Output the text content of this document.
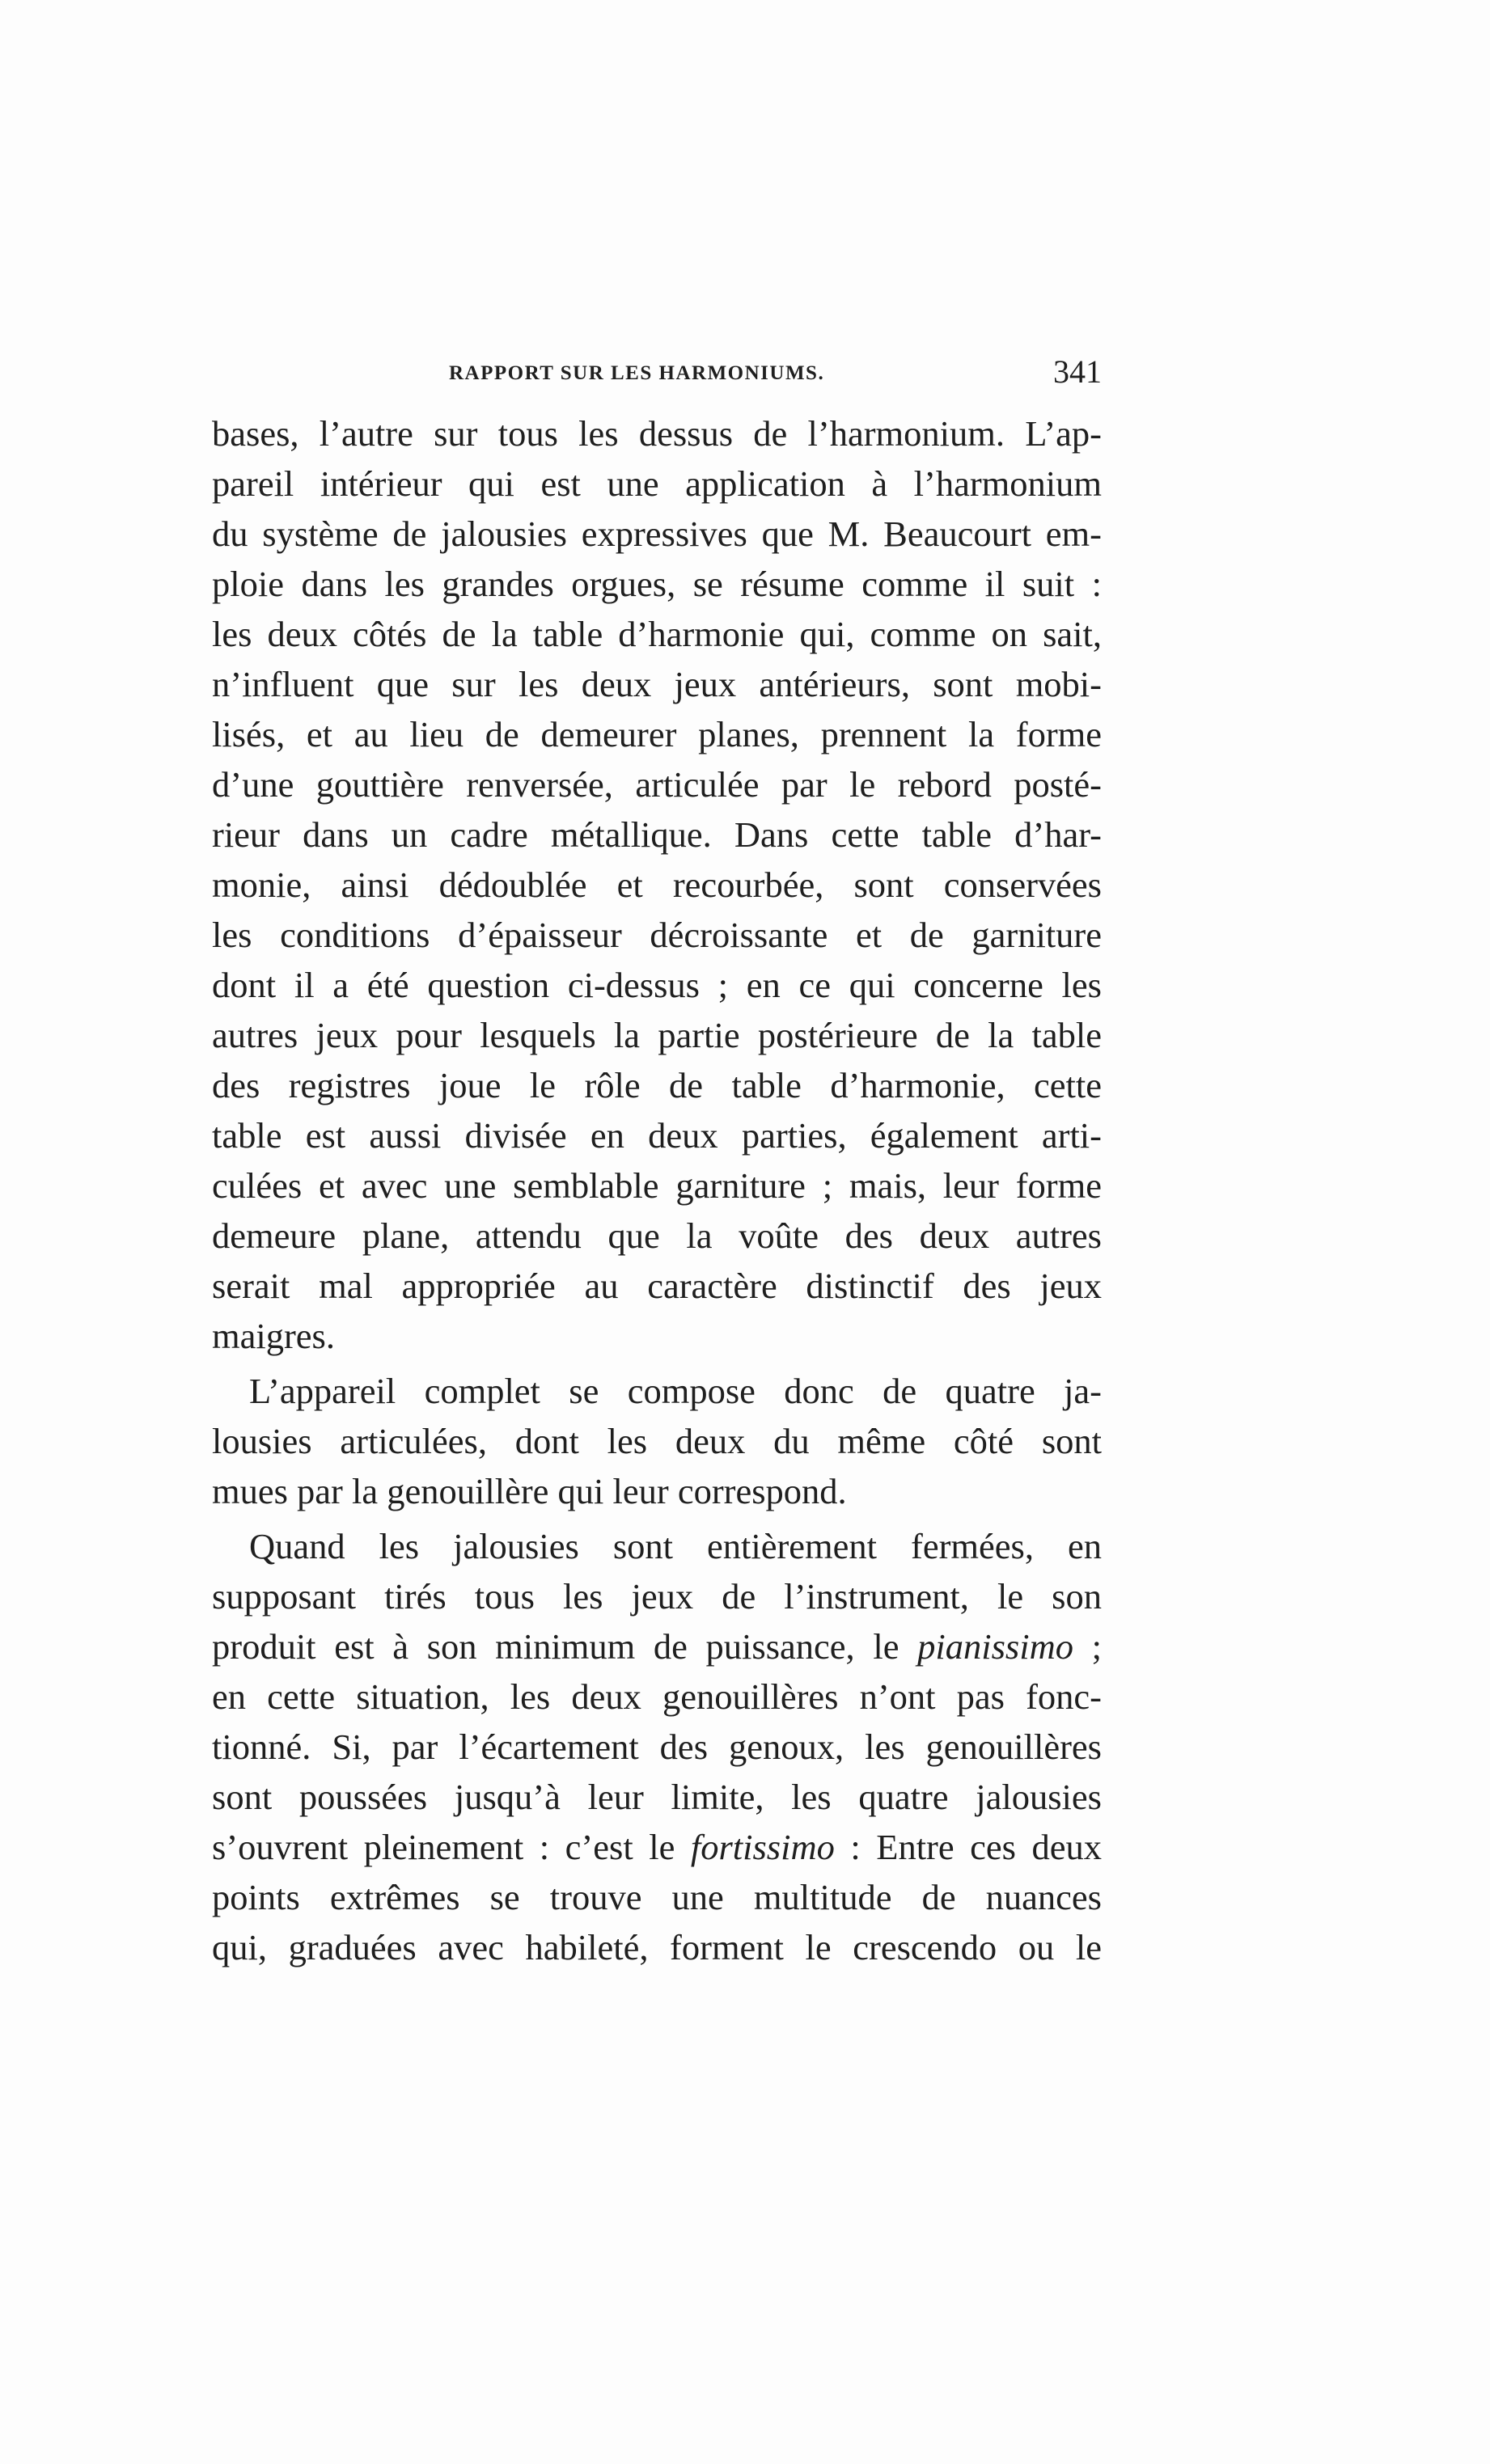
RAPPORT SUR LES HARMONIUMS.	341
bases, l’autre sur tous les dessus de l’harmonium. L’ap-
pareil intérieur qui est une application à l’harmonium
du système de jalousies expressives que M. Beaucourt em-
ploie dans les grandes orgues, se résume comme il suit :
les deux côtés de la table d’harmonie qui, comme on sait,
n’influent que sur les deux jeux antérieurs, sont mobi-
lisés, et au lieu de demeurer planes, prennent la forme
d’une gouttière renversée, articulée par le rebord posté-
rieur dans un cadre métallique. Dans cette table d’har-
monie, ainsi dédoublée et recourbée, sont conservées
les conditions d’épaisseur décroissante et de garniture
dont il a été question ci-dessus ; en ce qui concerne les
autres jeux pour lesquels la partie postérieure de la table
des registres joue le rôle de table d’harmonie, cette
table est aussi divisée en deux parties, également arti-
culées et avec une semblable garniture ; mais, leur forme
demeure plane, attendu que la voûte des deux autres
serait mal appropriée au caractère distinctif des jeux
maigres.
L’appareil complet se compose donc de quatre ja-
lousies articulées, dont les deux du même côté sont
mues par la genouillère qui leur correspond.
Quand les jalousies sont entièrement fermées, en
supposant tirés tous les jeux de l’instrument, le son
produit est à son minimum de puissance, le pianissimo ;
en cette situation, les deux genouillères n’ont pas fonc-
tionné. Si, par l’écartement des genoux, les genouillères
sont poussées jusqu’à leur limite, les quatre jalousies
s’ouvrent pleinement : c’est le fortissimo : Entre ces deux
points extrêmes se trouve une multitude de nuances
qui, graduées avec habileté, forment le crescendo ou le
